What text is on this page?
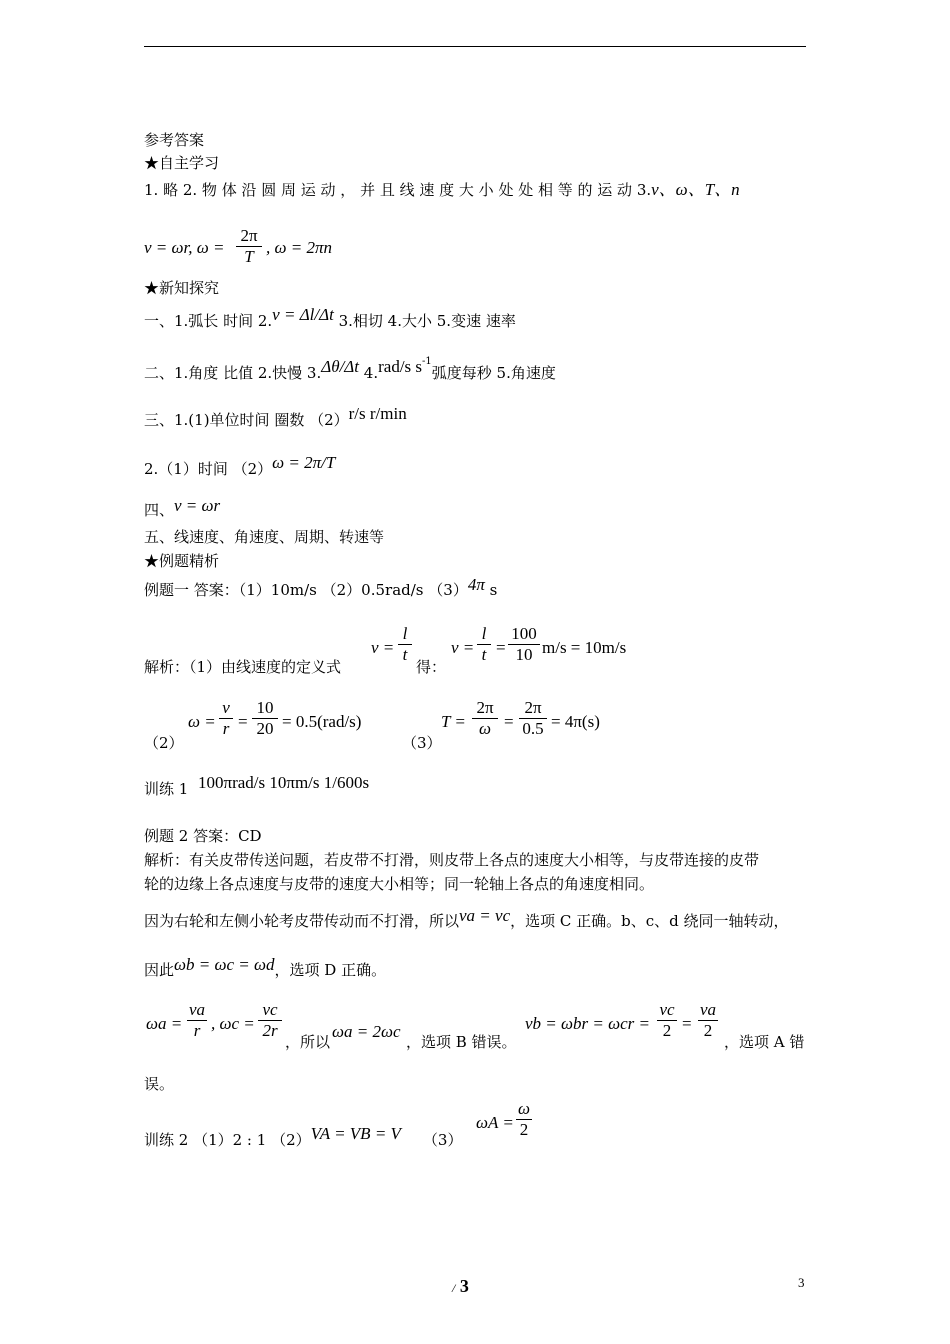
参考答案
★自主学习
1. 略 2. 物 体 沿 圆 周 运 动 ， 并 且 线 速 度 大 小 处 处 相 等 的 运 动 3.v、ω、T、n
v = ωr, ω =
2π
T , ω = 2πn
★新知探究
一、1.弧长 时间 2.v = Δl/Δt 3.相切 4.大小 5.变速 速率
二、1.角度 比值 2.快慢 3.Δθ/Δt 4.rad/s $s^{-1}$弧度每秒 5.角速度
三、1.(1)单位时间 圈数 （2）r/s r/min
2.（1）时间 （2）ω = 2π/T
四、v = ωr
五、线速度、角速度、周期、转速等
★例题精析
例题一 答案：（1）10m/s （2）0.5rad/s （3）4π s
解析：（1）由线速度的定义式
v =
l
t
得：
v =
l
t =
100
10 m/s = 10m/s
（2）
ω =
v
r =
10
20 = 0.5(rad/s)
（3）
T =
2π
ω =
2π
0.5 = 4π(s)
训练 1 100πrad/s 10πm/s 1/600s
例题 2 答案：CD
解析：有关皮带传送问题，若皮带不打滑，则皮带上各点的速度大小相等，与皮带连接的皮带
轮的边缘上各点速度与皮带的速度大小相等；同一轮轴上各点的角速度相同。
因为右轮和左侧小轮考皮带传动而不打滑，所以va = vc，选项 C 正确。b、c、d 绕同一轴转动，
因此ωb = ωc = ωd，选项 D 正确。
ωa =
va
r , ωc =
vc
2r
，所以
ωa = 2ωc
，选项 B 错误。
vb = ωbr = ωcr =
vc
2 =
va
2
，选项 A 错
误。
训练 2 （1）2 : 1 （2）VA = VB = V （3）
ωA =
ω
2
/ 3	3
